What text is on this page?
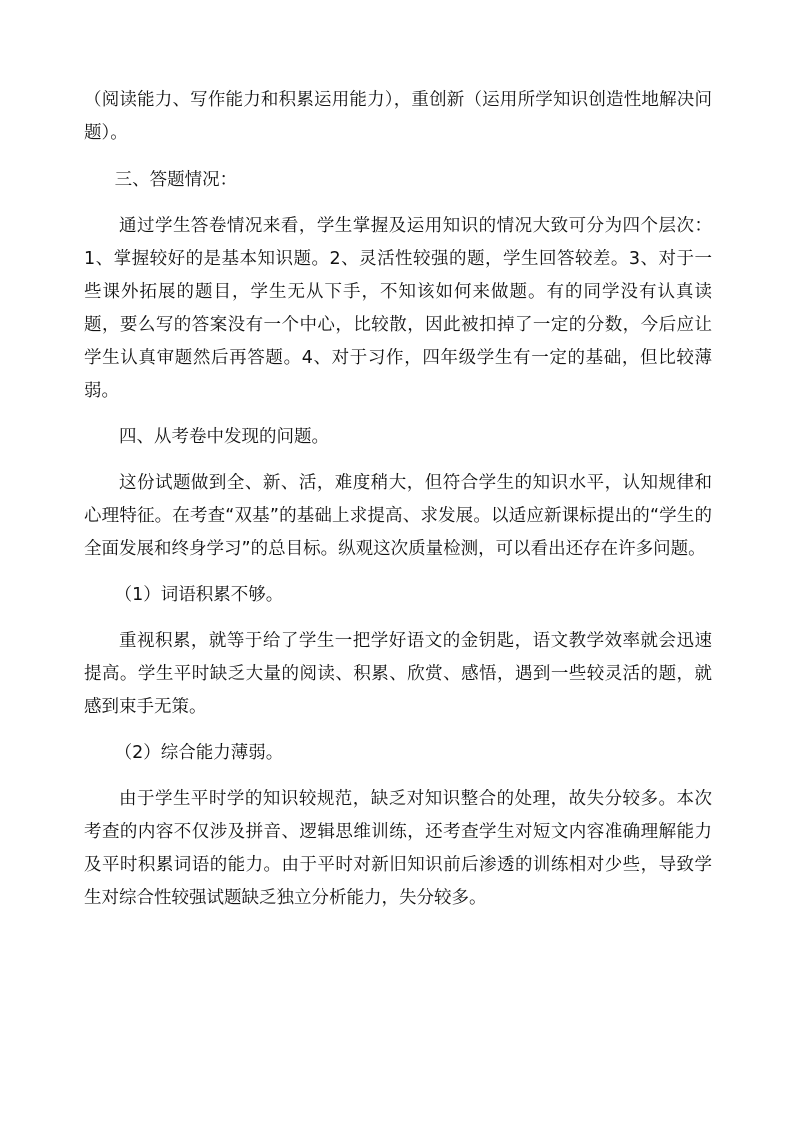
（阅读能力、写作能力和积累运用能力），重创新（运用所学知识创造性地解决问题）。

三、答题情况：

通过学生答卷情况来看，学生掌握及运用知识的情况大致可分为四个层次：1、掌握较好的是基本知识题。2、灵活性较强的题，学生回答较差。3、对于一些课外拓展的题目，学生无从下手，不知该如何来做题。有的同学没有认真读题，要么写的答案没有一个中心，比较散，因此被扣掉了一定的分数，今后应让学生认真审题然后再答题。4、对于习作，四年级学生有一定的基础，但比较薄弱。

四、从考卷中发现的问题。

这份试题做到全、新、活，难度稍大，但符合学生的知识水平，认知规律和心理特征。在考查“双基”的基础上求提高、求发展。以适应新课标提出的“学生的全面发展和终身学习”的总目标。纵观这次质量检测，可以看出还存在许多问题。

（1）词语积累不够。

重视积累，就等于给了学生一把学好语文的金钥匙，语文教学效率就会迅速提高。学生平时缺乏大量的阅读、积累、欣赏、感悟，遇到一些较灵活的题，就感到束手无策。

（2）综合能力薄弱。

由于学生平时学的知识较规范，缺乏对知识整合的处理，故失分较多。本次考查的内容不仅涉及拼音、逻辑思维训练，还考查学生对短文内容准确理解能力及平时积累词语的能力。由于平时对新旧知识前后渗透的训练相对少些，导致学生对综合性较强试题缺乏独立分析能力，失分较多。
